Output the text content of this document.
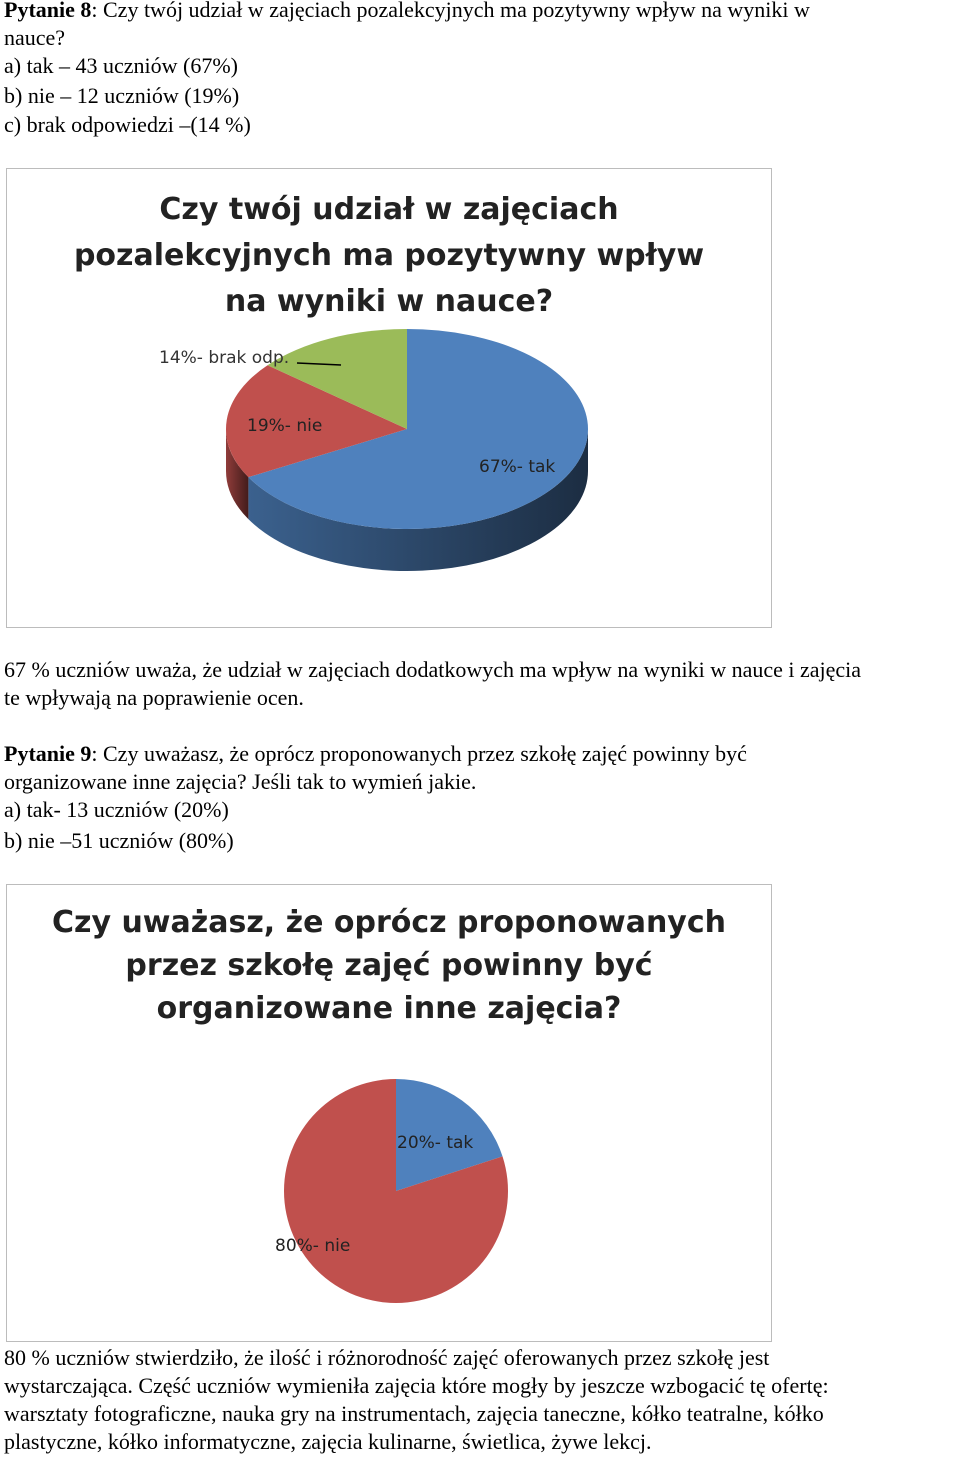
Pytanie 8: Czy twój udział w zajęciach pozalekcyjnych ma pozytywny wpływ na wyniki w
nauce?
a) tak – 43 uczniów (67%)
b) nie – 12 uczniów (19%)
c) brak odpowiedzi –(14 %)
Czy twój udział w zajęciach
pozalekcyjnych ma pozytywny wpływ
na wyniki w nauce?
14%- brak odp.
19%- nie
67%- tak
67 % uczniów uważa, że udział w zajęciach dodatkowych ma wpływ na wyniki w nauce i zajęcia
te wpływają na poprawienie ocen.
Pytanie 9: Czy uważasz, że oprócz proponowanych przez szkołę zajęć powinny być
organizowane inne zajęcia? Jeśli tak to wymień jakie.
a) tak- 13 uczniów (20%)
b) nie –51 uczniów (80%)
Czy uważasz, że oprócz proponowanych
przez szkołę zajęć powinny być
organizowane inne zajęcia?
20%- tak
80%- nie
80 % uczniów stwierdziło, że ilość i różnorodność zajęć oferowanych przez szkołę jest
wystarczająca. Część uczniów wymieniła zajęcia które mogły by jeszcze wzbogacić tę ofertę:
warsztaty fotograficzne, nauka gry na instrumentach, zajęcia taneczne, kółko teatralne, kółko
plastyczne, kółko informatyczne, zajęcia kulinarne, świetlica, żywe lekcj.
